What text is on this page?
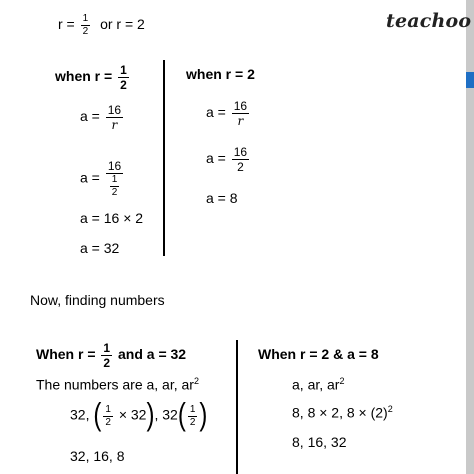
$r = \frac{1}{2}$ or r = 2	teachoo
when $r = \frac{1}{2}$
$a = \frac{16}{r}$
$a = \frac{16}{\frac{1}{2}}$
a = 16 × 2
a = 32
when r = 2
$a = \frac{16}{r}$
$a = \frac{16}{2}$
a = 8
Now, finding numbers
When $r = \frac{1}{2}$ and a = 32
The numbers are a, ar, $ar^2$
32, ( $\frac{1}{2} \times 32$), $32( \frac{1}{2}$ )
32, 16, 8
When r = 2 & a = 8
a, ar, $ar^2$
8, 8 × 2, $8 \times (2)^2$
8, 16, 32
